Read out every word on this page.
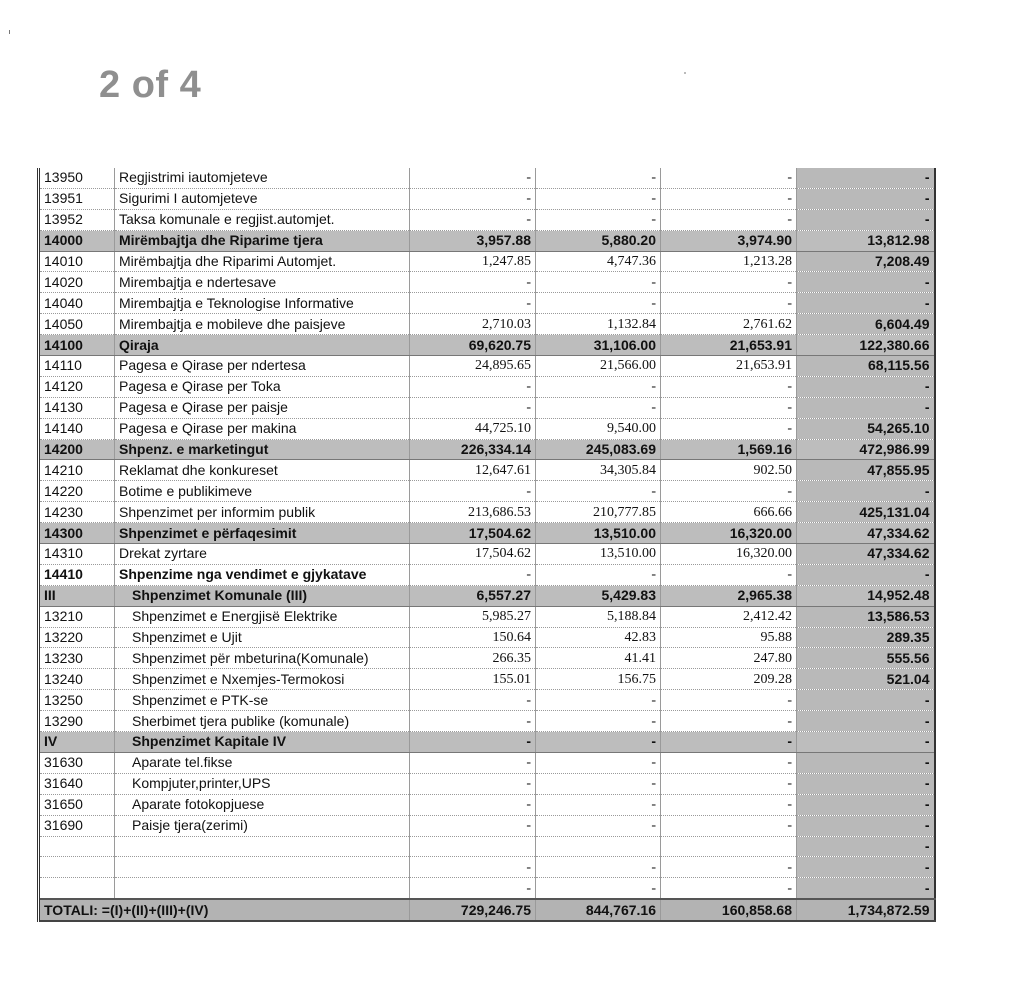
2 of 4
13950	Regjistrimi iautomjeteve	-	-	-	-
13951	Sigurimi I automjeteve	-	-	-	-
13952	Taksa komunale e regjist.automjet.	-	-	-	-
14000	Mirëmbajtja dhe Riparime tjera	3,957.88	5,880.20	3,974.90	13,812.98
14010	Mirëmbajtja dhe Riparimi Automjet.	1,247.85	4,747.36	1,213.28	7,208.49
14020	Mirembajtja e ndertesave	-	-	-	-
14040	Mirembajtja e Teknologise Informative	-	-	-	-
14050	Mirembajtja e mobileve dhe paisjeve	2,710.03	1,132.84	2,761.62	6,604.49
14100	Qiraja	69,620.75	31,106.00	21,653.91	122,380.66
14110	Pagesa e Qirase per ndertesa	24,895.65	21,566.00	21,653.91	68,115.56
14120	Pagesa e Qirase per Toka	-	-	-	-
14130	Pagesa e Qirase per paisje	-	-	-	-
14140	Pagesa e Qirase per makina	44,725.10	9,540.00	-	54,265.10
14200	Shpenz. e marketingut	226,334.14	245,083.69	1,569.16	472,986.99
14210	Reklamat dhe konkureset	12,647.61	34,305.84	902.50	47,855.95
14220	Botime e publikimeve	-	-	-	-
14230	Shpenzimet per informim publik	213,686.53	210,777.85	666.66	425,131.04
14300	Shpenzimet e përfaqesimit	17,504.62	13,510.00	16,320.00	47,334.62
14310	Drekat zyrtare	17,504.62	13,510.00	16,320.00	47,334.62
14410	Shpenzime nga vendimet e gjykatave	-	-	-	-
III	Shpenzimet Komunale (III)	6,557.27	5,429.83	2,965.38	14,952.48
13210	Shpenzimet e Energjisë Elektrike	5,985.27	5,188.84	2,412.42	13,586.53
13220	Shpenzimet e Ujit	150.64	42.83	95.88	289.35
13230	Shpenzimet për mbeturina(Komunale)	266.35	41.41	247.80	555.56
13240	Shpenzimet e Nxemjes-Termokosi	155.01	156.75	209.28	521.04
13250	Shpenzimet e PTK-se	-	-	-	-
13290	Sherbimet tjera publike (komunale)	-	-	-	-
IV	Shpenzimet Kapitale IV	-	-	-	-
31630	Aparate tel.fikse	-	-	-	-
31640	Kompjuter,printer,UPS	-	-	-	-
31650	Aparate fotokopjuese	-	-	-	-
31690	Paisje tjera(zerimi)	-	-	-	-
					-
		-	-	-	-
		-	-	-	-
TOTALI: =(I)+(II)+(III)+(IV)		729,246.75	844,767.16	160,858.68	1,734,872.59
